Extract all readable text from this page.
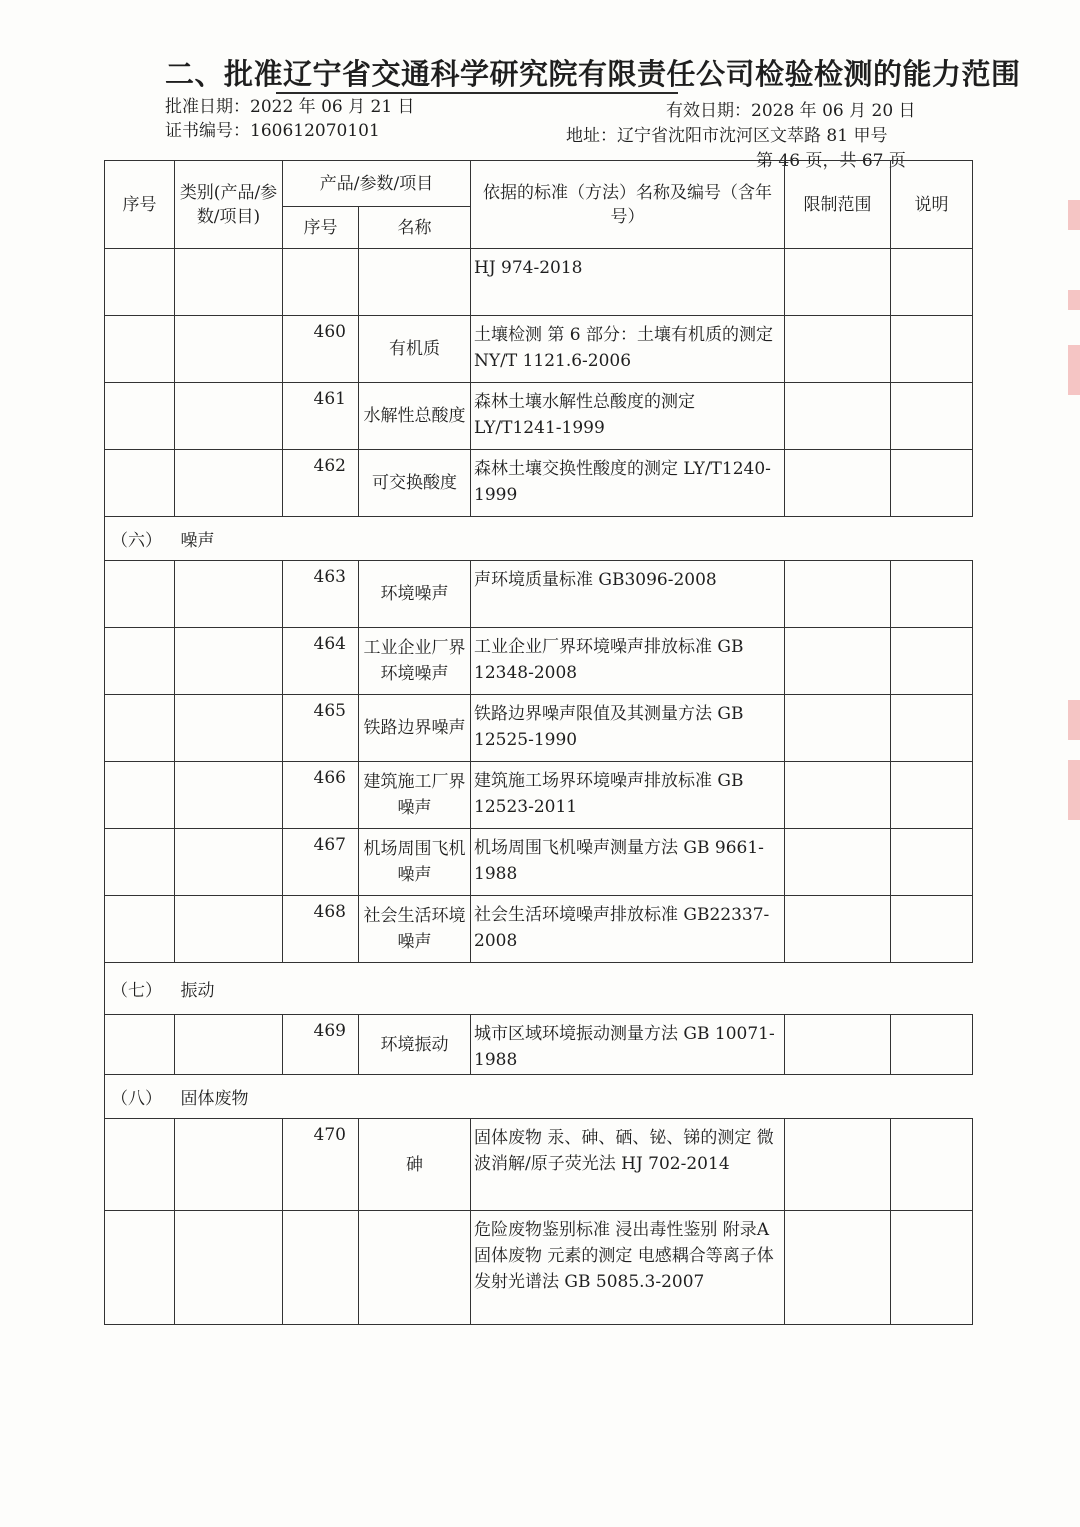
二、批准辽宁省交通科学研究院有限责任公司检验检测的能力范围
批准日期：2022 年 06 月 21 日	有效日期：2028 年 06 月 20 日
证书编号：160612070101	地址：辽宁省沈阳市沈河区文萃路 81 甲号
第 46 页，共 67 页
序号	类别(产品/参数/项目)	产品/参数/项目		依据的标准（方法）名称及编号（含年号）	限制范围	说明
		序号	名称			
				HJ 974-2018		
		460	有机质	土壤检测 第 6 部分：土壤有机质的测定 NY/T 1121.6-2006		
		461	水解性总酸度	森林土壤水解性总酸度的测定 LY/T1241-1999		
		462	可交换酸度	森林土壤交换性酸度的测定 LY/T1240-1999		
（六）	噪声					
		463	环境噪声	声环境质量标准 GB3096-2008		
		464	工业企业厂界环境噪声	工业企业厂界环境噪声排放标准 GB 12348-2008		
		465	铁路边界噪声	铁路边界噪声限值及其测量方法 GB 12525-1990		
		466	建筑施工厂界噪声	建筑施工场界环境噪声排放标准 GB 12523-2011		
		467	机场周围飞机噪声	机场周围飞机噪声测量方法 GB 9661-1988		
		468	社会生活环境噪声	社会生活环境噪声排放标准 GB22337-2008		
（七）	振动					
		469	环境振动	城市区域环境振动测量方法 GB 10071-1988		
（八）	固体废物					
		470	砷	固体废物 汞、砷、硒、铋、锑的测定 微波消解/原子荧光法 HJ 702-2014		
				危险废物鉴别标准 浸出毒性鉴别 附录A 固体废物 元素的测定 电感耦合等离子体发射光谱法 GB 5085.3-2007		
